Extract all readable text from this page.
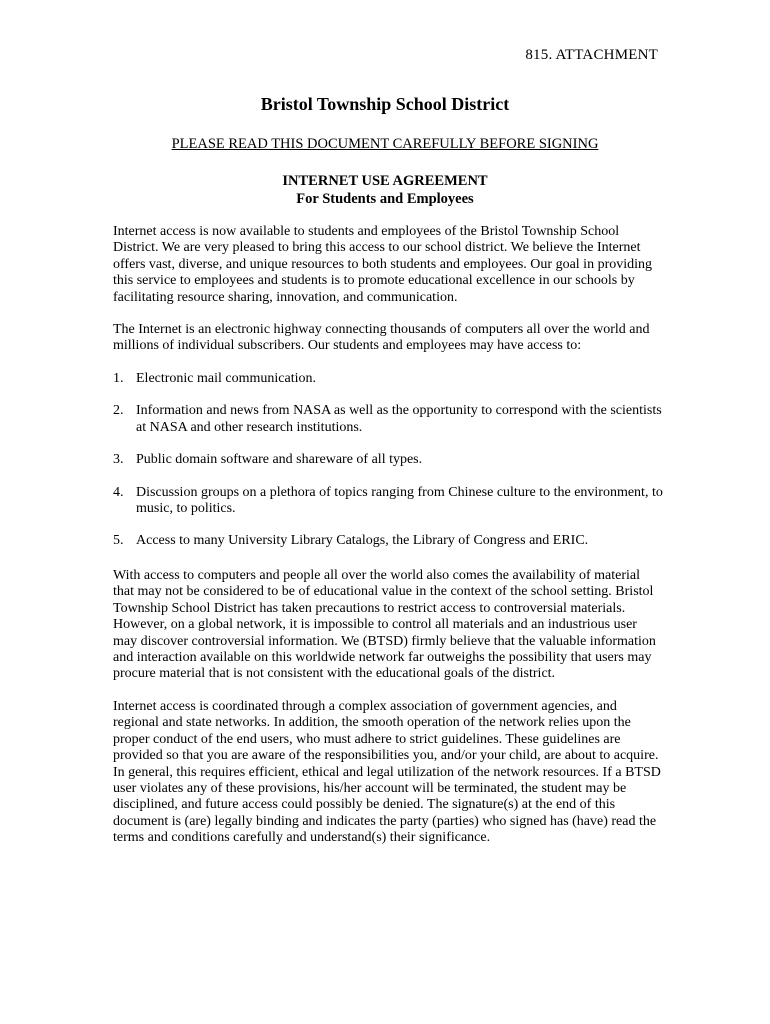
815. ATTACHMENT
Bristol Township School District
PLEASE READ THIS DOCUMENT CAREFULLY BEFORE SIGNING
INTERNET USE AGREEMENT
For Students and Employees

Internet access is now available to students and employees of the Bristol Township School District. We are very pleased to bring this access to our school district. We believe the Internet offers vast, diverse, and unique resources to both students and employees. Our goal in providing this service to employees and students is to promote educational excellence in our schools by facilitating resource sharing, innovation, and communication.

The Internet is an electronic highway connecting thousands of computers all over the world and millions of individual subscribers. Our students and employees may have access to:

1. Electronic mail communication.
2. Information and news from NASA as well as the opportunity to correspond with the scientists at NASA and other research institutions.
3. Public domain software and shareware of all types.
4. Discussion groups on a plethora of topics ranging from Chinese culture to the environment, to music, to politics.
5. Access to many University Library Catalogs, the Library of Congress and ERIC.

With access to computers and people all over the world also comes the availability of material that may not be considered to be of educational value in the context of the school setting. Bristol Township School District has taken precautions to restrict access to controversial materials. However, on a global network, it is impossible to control all materials and an industrious user may discover controversial information. We (BTSD) firmly believe that the valuable information and interaction available on this worldwide network far outweighs the possibility that users may procure material that is not consistent with the educational goals of the district.

Internet access is coordinated through a complex association of government agencies, and regional and state networks. In addition, the smooth operation of the network relies upon the proper conduct of the end users, who must adhere to strict guidelines. These guidelines are provided so that you are aware of the responsibilities you, and/or your child, are about to acquire. In general, this requires efficient, ethical and legal utilization of the network resources. If a BTSD user violates any of these provisions, his/her account will be terminated, the student may be disciplined, and future access could possibly be denied. The signature(s) at the end of this document is (are) legally binding and indicates the party (parties) who signed has (have) read the terms and conditions carefully and understand(s) their significance.
